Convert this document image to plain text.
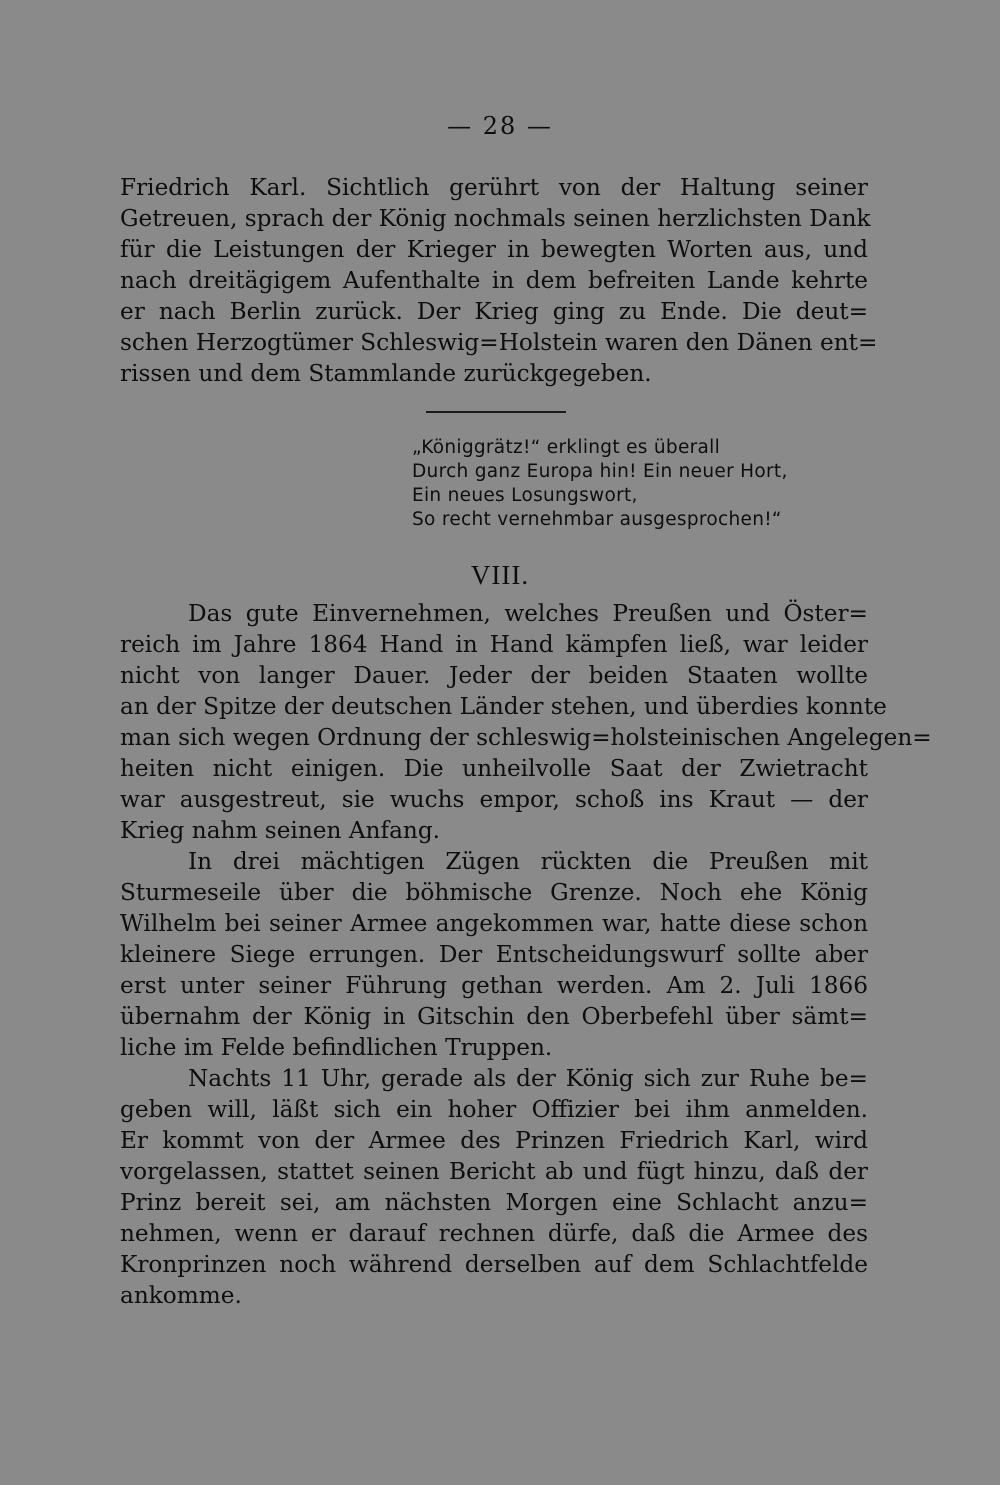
— 28 —
Friedrich Karl. Sichtlich gerührt von der Haltung seiner
Getreuen, sprach der König nochmals seinen herzlichsten Dank
für die Leistungen der Krieger in bewegten Worten aus, und
nach dreitägigem Aufenthalte in dem befreiten Lande kehrte
er nach Berlin zurück. Der Krieg ging zu Ende. Die deut=
schen Herzogtümer Schleswig=Holstein waren den Dänen ent=
rissen und dem Stammlande zurückgegeben.
„Königgrätz!“ erklingt es überall
Durch ganz Europa hin! Ein neuer Hort,
Ein neues Losungswort,
So recht vernehmbar ausgesprochen!“
VIII.
Das gute Einvernehmen, welches Preußen und Öster=
reich im Jahre 1864 Hand in Hand kämpfen ließ, war leider
nicht von langer Dauer. Jeder der beiden Staaten wollte
an der Spitze der deutschen Länder stehen, und überdies konnte
man sich wegen Ordnung der schleswig=holsteinischen Angelegen=
heiten nicht einigen. Die unheilvolle Saat der Zwietracht
war ausgestreut, sie wuchs empor, schoß ins Kraut — der
Krieg nahm seinen Anfang.
In drei mächtigen Zügen rückten die Preußen mit
Sturmeseile über die böhmische Grenze. Noch ehe König
Wilhelm bei seiner Armee angekommen war, hatte diese schon
kleinere Siege errungen. Der Entscheidungswurf sollte aber
erst unter seiner Führung gethan werden. Am 2. Juli 1866
übernahm der König in Gitschin den Oberbefehl über sämt=
liche im Felde befindlichen Truppen.
Nachts 11 Uhr, gerade als der König sich zur Ruhe be=
geben will, läßt sich ein hoher Offizier bei ihm anmelden.
Er kommt von der Armee des Prinzen Friedrich Karl, wird
vorgelassen, stattet seinen Bericht ab und fügt hinzu, daß der
Prinz bereit sei, am nächsten Morgen eine Schlacht anzu=
nehmen, wenn er darauf rechnen dürfe, daß die Armee des
Kronprinzen noch während derselben auf dem Schlachtfelde
ankomme.
